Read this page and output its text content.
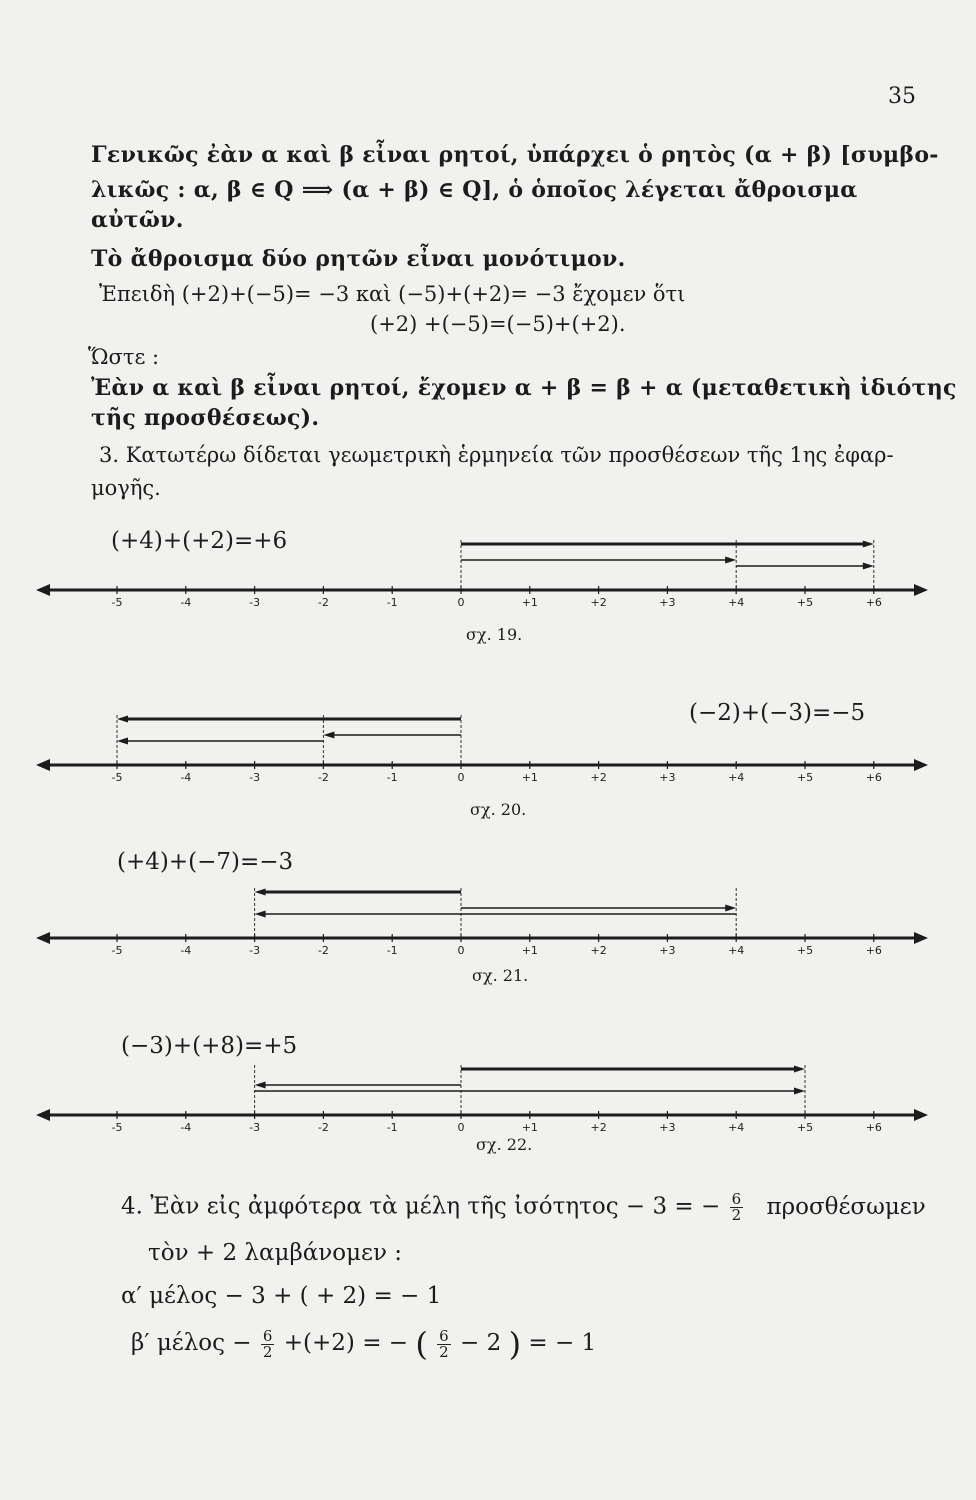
35
Γενικῶς ἐὰν α καὶ β εἶναι ρητοί, ὑπάρχει ὁ ρητὸς (α + β) [συμβο-
λικῶς : α, β ∈ Q ⟹ (α + β) ∈ Q], ὁ ὁποῖος λέγεται ἄθροισμα
αὐτῶν.
Τὸ ἄθροισμα δύο ρητῶν εἶναι μονότιμον.
Ἐπειδὴ (+2)+(−5)= −3 καὶ (−5)+(+2)= −3 ἔχομεν ὅτι
(+2) +(−5)=(−5)+(+2).
Ὥστε :
Ἐὰν α καὶ β εἶναι ρητοί, ἔχομεν α + β = β + α (μεταθετικὴ ἰδιότης
τῆς προσθέσεως).
3. Κατωτέρω δίδεται γεωμετρικὴ ἑρμηνεία τῶν προσθέσεων τῆς 1ης ἐφαρ-
μογῆς.
(+4)+(+2)=+6
-5	-4	-3	-2	-1	0	+1	+2	+3	+4	+5	+6
σχ. 19.
(−2)+(−3)=−5
-5	-4	-3	-2	-1	0	+1	+2	+3	+4	+5	+6
σχ. 20.
(+4)+(−7)=−3
-5	-4	-3	-2	-1	0	+1	+2	+3	+4	+5	+6
σχ. 21.
(−3)+(+8)=+5
-5	-4	-3	-2	-1	0	+1	+2	+3	+4	+5	+6
σχ. 22.
4. Ἐὰν εἰς ἀμφότερα τὰ μέλη τῆς ἰσότητος − 3 = − $\frac{6}{2}$ προσθέσωμεν
τὸν + 2 λαμβάνομεν :
α′ μέλος − 3 + ( + 2) = − 1
β′ $\mu έ\lambda o\varsigma - \frac{6}{2} +(+2)$ = − ( $\frac{6}{2} - 2$ ) = − 1
